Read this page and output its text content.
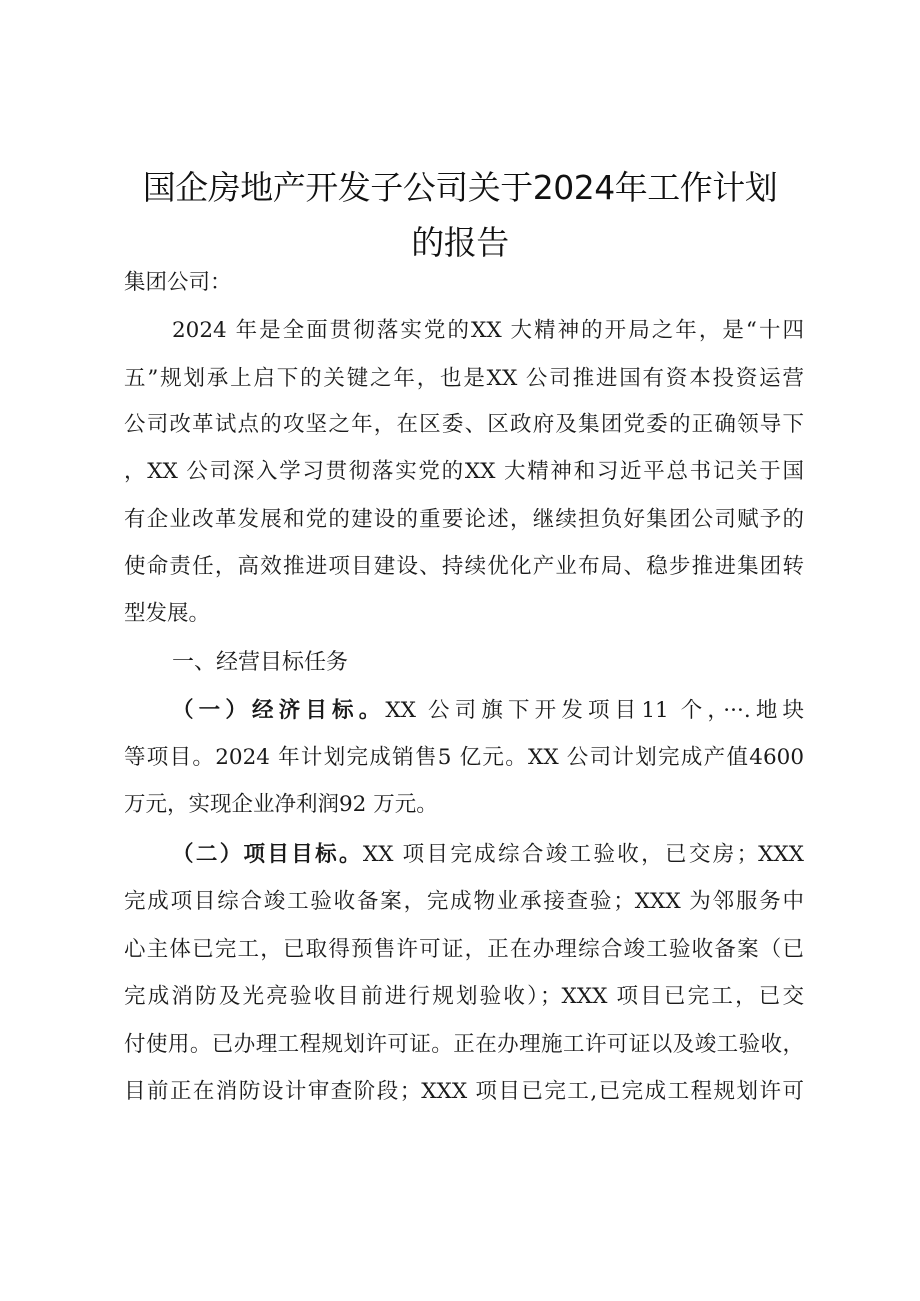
国企房地产开发子公司关于2024年工作计划
的报告
集团公司：
2024 年是全面贯彻落实党的XX 大精神的开局之年，是“十四
五”规划承上启下的关键之年，也是XX 公司推进国有资本投资运营
公司改革试点的攻坚之年，在区委、区政府及集团党委的正确领导下
，XX 公司深入学习贯彻落实党的XX 大精神和习近平总书记关于国
有企业改革发展和党的建设的重要论述，继续担负好集团公司赋予的
使命责任，高效推进项目建设、持续优化产业布局、稳步推进集团转
型发展。
一、经营目标任务
（一）经济目标。XX 公司旗下开发项目11 个，···.地块
等项目。2024 年计划完成销售5 亿元。XX 公司计划完成产值4600
万元，实现企业净利润92 万元。
（二）项目目标。XX 项目完成综合竣工验收，已交房；XXX
完成项目综合竣工验收备案，完成物业承接查验；XXX 为邻服务中
心主体已完工，已取得预售许可证，正在办理综合竣工验收备案（已
完成消防及光亮验收目前进行规划验收）；XXX 项目已完工，已交
付使用。已办理工程规划许可证。正在办理施工许可证以及竣工验收，
目前正在消防设计审查阶段；XXX 项目已完工,已完成工程规划许可
